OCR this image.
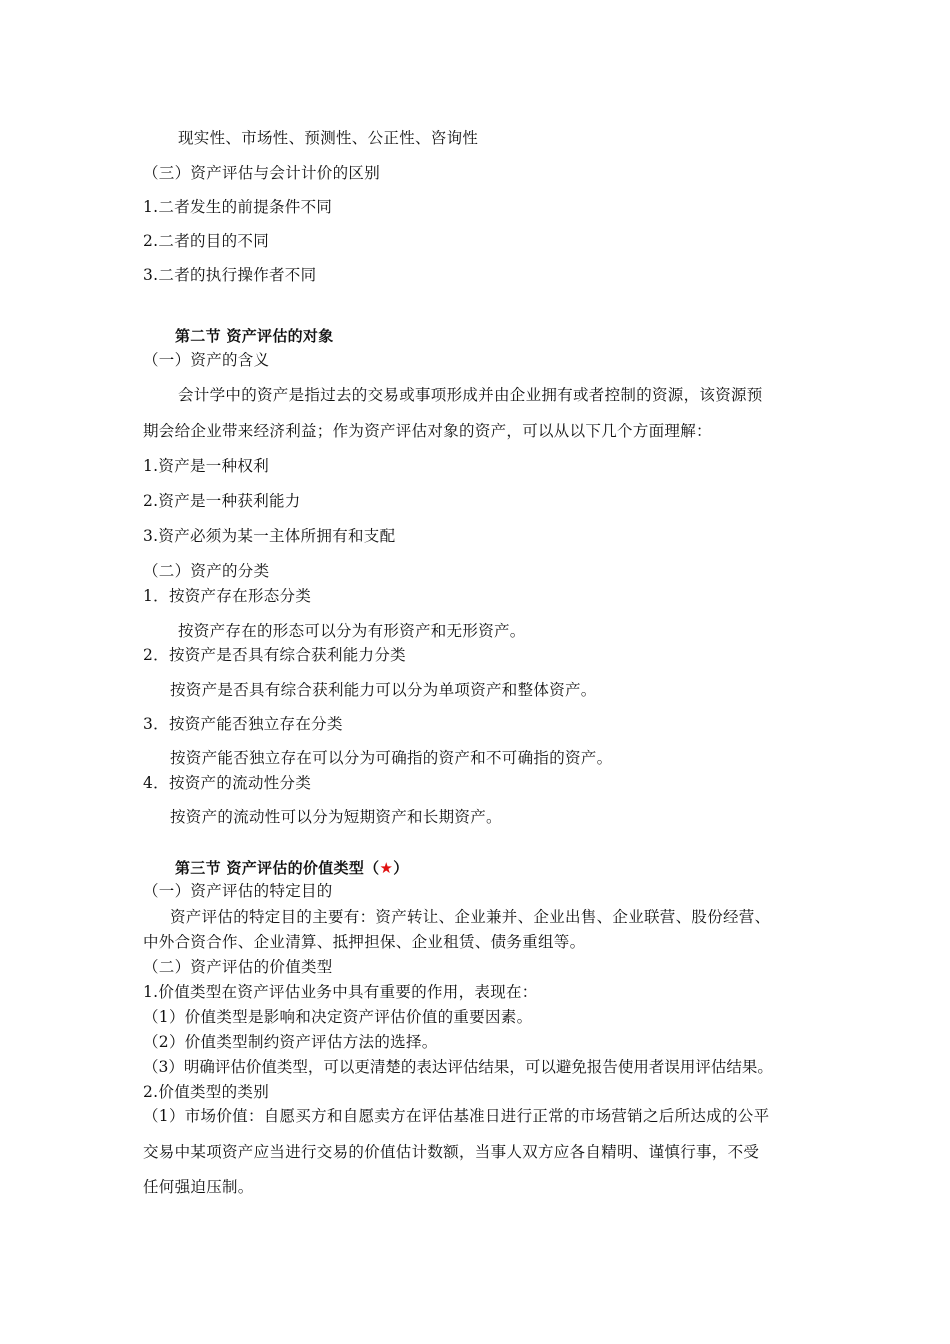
现实性、市场性、预测性、公正性、咨询性
（三）资产评估与会计计价的区别
1.二者发生的前提条件不同
2.二者的目的不同
3.二者的执行操作者不同
第二节 资产评估的对象
（一）资产的含义
会计学中的资产是指过去的交易或事项形成并由企业拥有或者控制的资源，该资源预
期会给企业带来经济利益；作为资产评估对象的资产，可以从以下几个方面理解：
1.资产是一种权利
2.资产是一种获利能力
3.资产必须为某一主体所拥有和支配
（二）资产的分类
1．按资产存在形态分类
按资产存在的形态可以分为有形资产和无形资产。
2．按资产是否具有综合获利能力分类
按资产是否具有综合获利能力可以分为单项资产和整体资产。
3．按资产能否独立存在分类
按资产能否独立存在可以分为可确指的资产和不可确指的资产。
4．按资产的流动性分类
按资产的流动性可以分为短期资产和长期资产。
第三节 资产评估的价值类型（★）
（一）资产评估的特定目的
资产评估的特定目的主要有：资产转让、企业兼并、企业出售、企业联营、股份经营、
中外合资合作、企业清算、抵押担保、企业租赁、债务重组等。
（二）资产评估的价值类型
1.价值类型在资产评估业务中具有重要的作用，表现在：
（1）价值类型是影响和决定资产评估价值的重要因素。
（2）价值类型制约资产评估方法的选择。
（3）明确评估价值类型，可以更清楚的表达评估结果，可以避免报告使用者误用评估结果。
2.价值类型的类别
（1）市场价值：自愿买方和自愿卖方在评估基准日进行正常的市场营销之后所达成的公平
交易中某项资产应当进行交易的价值估计数额，当事人双方应各自精明、谨慎行事，不受
任何强迫压制。
